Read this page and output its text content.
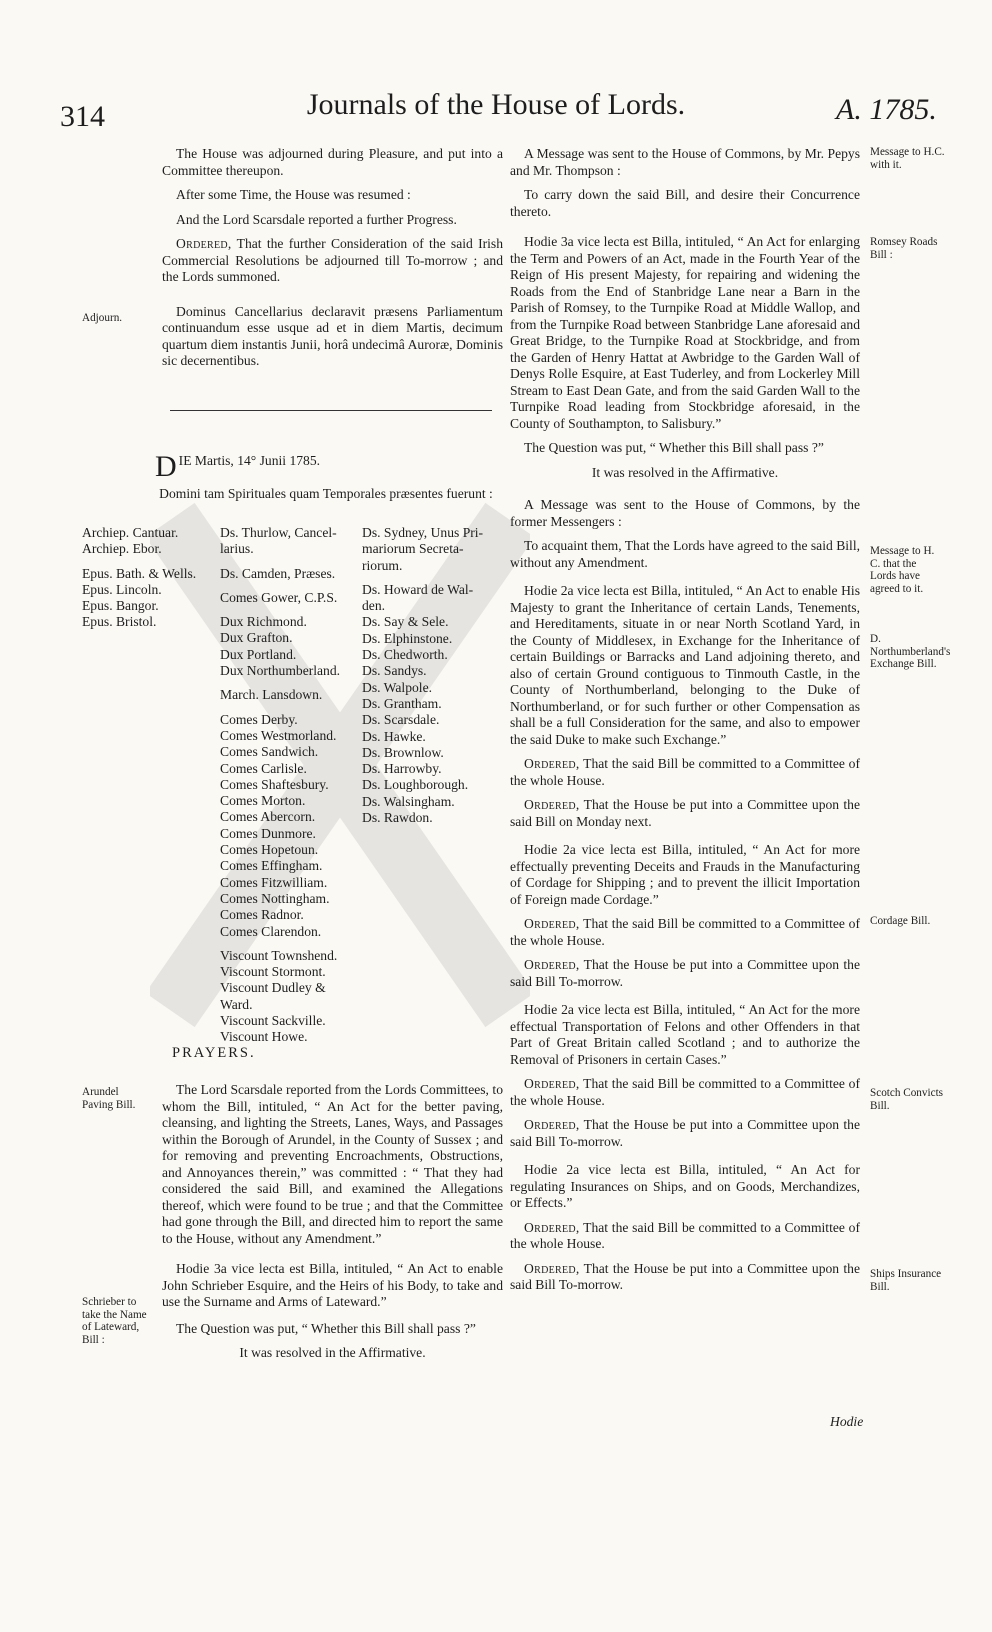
314	Journals of the House of Lords.	A. 1785.

The House was adjourned during Pleasure, and put into a Committee thereupon.

After some Time, the House was resumed :

And the Lord Scarsdale reported a further Progress.

Ordered, That the further Consideration of the said Irish Commercial Resolutions be adjourned till To-morrow ; and the Lords summoned.

Dominus Cancellarius declaravit præsens Parliamentum continuandum esse usque ad et in diem Martis, decimum quartum diem instantis Junii, horâ undecimâ Auroræ, Dominis sic decernentibus.

DIE Martis, 14° Junii 1785.
Domini tam Spirituales quam Temporales præsentes fuerunt :
Archiep. Cantuar.
Archiep. Ebor.
Epus. Bath. & Wells.
Epus. Lincoln.
Epus. Bangor.
Epus. Bristol.
Ds. Thurlow, Cancel-
larius.
Ds. Camden, Præses.
Comes Gower, C.P.S.
Dux Richmond.
Dux Grafton.
Dux Portland.
Dux Northumberland.
March. Lansdown.
Comes Derby.
Comes Westmorland.
Comes Sandwich.
Comes Carlisle.
Comes Shaftesbury.
Comes Morton.
Comes Abercorn.
Comes Dunmore.
Comes Hopetoun.
Comes Effingham.
Comes Fitzwilliam.
Comes Nottingham.
Comes Radnor.
Comes Clarendon.
Viscount Townshend.
Viscount Stormont.
Viscount Dudley &
Ward.
Viscount Sackville.
Viscount Howe.
Ds. Sydney, Unus Pri-
mariorum Secreta-
riorum.
Ds. Howard de Wal-
den.
Ds. Say & Sele.
Ds. Elphinstone.
Ds. Chedworth.
Ds. Sandys.
Ds. Walpole.
Ds. Grantham.
Ds. Scarsdale.
Ds. Hawke.
Ds. Brownlow.
Ds. Harrowby.
Ds. Loughborough.
Ds. Walsingham.
Ds. Rawdon.
PRAYERS.

The Lord Scarsdale reported from the Lords Committees, to whom the Bill, intituled, “ An Act for the better paving, cleansing, and lighting the Streets, Lanes, Ways, and Passages within the Borough of Arundel, in the County of Sussex ; and for removing and preventing Encroachments, Obstructions, and Annoyances therein,” was committed : “ That they had considered the said Bill, and examined the Allegations thereof, which were found to be true ; and that the Committee had gone through the Bill, and directed him to report the same to the House, without any Amendment.”

Hodie 3a vice lecta est Billa, intituled, “ An Act to enable John Schrieber Esquire, and the Heirs of his Body, to take and use the Surname and Arms of Lateward.”

The Question was put, “ Whether this Bill shall pass ?”

It was resolved in the Affirmative.

A Message was sent to the House of Commons, by Mr. Pepys and Mr. Thompson :

To carry down the said Bill, and desire their Concurrence thereto.

Hodie 3a vice lecta est Billa, intituled, “ An Act for enlarging the Term and Powers of an Act, made in the Fourth Year of the Reign of His present Majesty, for repairing and widening the Roads from the End of Stanbridge Lane near a Barn in the Parish of Romsey, to the Turnpike Road at Middle Wallop, and from the Turnpike Road between Stanbridge Lane aforesaid and Great Bridge, to the Turnpike Road at Stockbridge, and from the Garden of Henry Hattat at Awbridge to the Garden Wall of Denys Rolle Esquire, at East Tuderley, and from Lockerley Mill Stream to East Dean Gate, and from the said Garden Wall to the Turnpike Road leading from Stockbridge aforesaid, in the County of Southampton, to Salisbury.”

The Question was put, “ Whether this Bill shall pass ?”

It was resolved in the Affirmative.

A Message was sent to the House of Commons, by the former Messengers :

To acquaint them, That the Lords have agreed to the said Bill, without any Amendment.

Hodie 2a vice lecta est Billa, intituled, “ An Act to enable His Majesty to grant the Inheritance of certain Lands, Tenements, and Hereditaments, situate in or near North Scotland Yard, in the County of Middlesex, in Exchange for the Inheritance of certain Buildings or Barracks and Land adjoining thereto, and also of certain Ground contiguous to Tinmouth Castle, in the County of Northumberland, belonging to the Duke of Northumberland, or for such further or other Compensation as shall be a full Consideration for the same, and also to empower the said Duke to make such Exchange.”

Ordered, That the said Bill be committed to a Committee of the whole House.

Ordered, That the House be put into a Committee upon the said Bill on Monday next.

Hodie 2a vice lecta est Billa, intituled, “ An Act for more effectually preventing Deceits and Frauds in the Manufacturing of Cordage for Shipping ; and to prevent the illicit Importation of Foreign made Cordage.”

Ordered, That the said Bill be committed to a Committee of the whole House.

Ordered, That the House be put into a Committee upon the said Bill To-morrow.

Hodie 2a vice lecta est Billa, intituled, “ An Act for the more effectual Transportation of Felons and other Offenders in that Part of Great Britain called Scotland ; and to authorize the Removal of Prisoners in certain Cases.”

Ordered, That the said Bill be committed to a Committee of the whole House.

Ordered, That the House be put into a Committee upon the said Bill To-morrow.

Hodie 2a vice lecta est Billa, intituled, “ An Act for regulating Insurances on Ships, and on Goods, Merchandizes, or Effects.”

Ordered, That the said Bill be committed to a Committee of the whole House.

Ordered, That the House be put into a Committee upon the said Bill To-morrow.

Hodie
Adjourn.
Arundel Paving Bill.
Schrieber to take the Name of Lateward, Bill :
Message to H.C. with it.
Romsey Roads Bill :
Message to H. C. that the Lords have agreed to it.
D. Northumberland's Exchange Bill.
Cordage Bill.
Scotch Convicts Bill.
Ships Insurance Bill.
